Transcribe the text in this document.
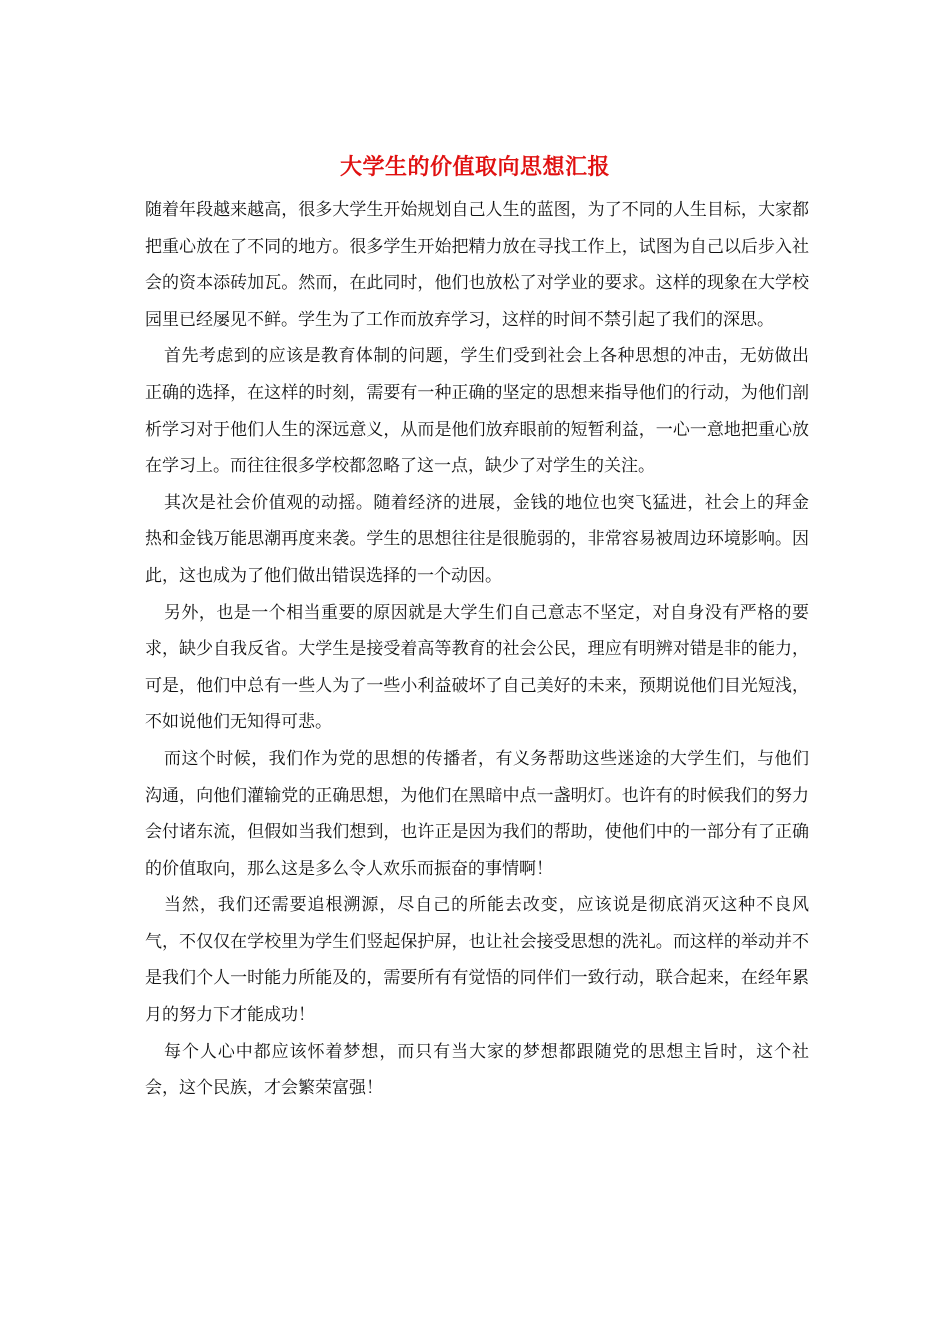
大学生的价值取向思想汇报

随着年段越来越高，很多大学生开始规划自己人生的蓝图，为了不同的人生目标，大家都把重心放在了不同的地方。很多学生开始把精力放在寻找工作上，试图为自己以后步入社会的资本添砖加瓦。然而，在此同时，他们也放松了对学业的要求。这样的现象在大学校园里已经屡见不鲜。学生为了工作而放弃学习，这样的时间不禁引起了我们的深思。

首先考虑到的应该是教育体制的问题，学生们受到社会上各种思想的冲击，无妨做出正确的选择，在这样的时刻，需要有一种正确的坚定的思想来指导他们的行动，为他们剖析学习对于他们人生的深远意义，从而是他们放弃眼前的短暂利益，一心一意地把重心放在学习上。而往往很多学校都忽略了这一点，缺少了对学生的关注。

其次是社会价值观的动摇。随着经济的进展，金钱的地位也突飞猛进，社会上的拜金热和金钱万能思潮再度来袭。学生的思想往往是很脆弱的，非常容易被周边环境影响。因此，这也成为了他们做出错误选择的一个动因。

另外，也是一个相当重要的原因就是大学生们自己意志不坚定，对自身没有严格的要求，缺少自我反省。大学生是接受着高等教育的社会公民，理应有明辨对错是非的能力，可是，他们中总有一些人为了一些小利益破坏了自己美好的未来，预期说他们目光短浅，不如说他们无知得可悲。

而这个时候，我们作为党的思想的传播者，有义务帮助这些迷途的大学生们，与他们沟通，向他们灌输党的正确思想，为他们在黑暗中点一盏明灯。也许有的时候我们的努力会付诸东流，但假如当我们想到，也许正是因为我们的帮助，使他们中的一部分有了正确的价值取向，那么这是多么令人欢乐而振奋的事情啊！

当然，我们还需要追根溯源，尽自己的所能去改变，应该说是彻底消灭这种不良风气，不仅仅在学校里为学生们竖起保护屏，也让社会接受思想的洗礼。而这样的举动并不是我们个人一时能力所能及的，需要所有有觉悟的同伴们一致行动，联合起来，在经年累月的努力下才能成功！

每个人心中都应该怀着梦想，而只有当大家的梦想都跟随党的思想主旨时，这个社会，这个民族，才会繁荣富强！
